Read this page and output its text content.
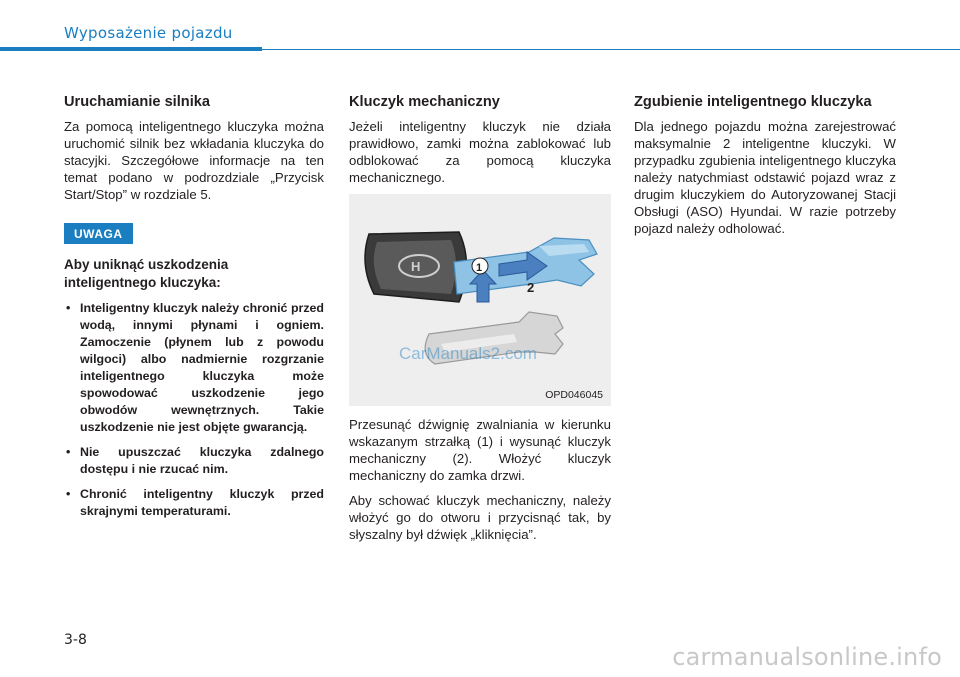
Wyposażenie pojazdu
Uruchamianie silnika

Za pomocą inteligentnego kluczyka można uruchomić silnik bez wkładania kluczyka do stacyjki. Szczegółowe informacje na ten temat podano w podrozdziale „Przycisk Start/Stop” w rozdziale 5.

UWAGA
Aby uniknąć uszkodzenia inteligentnego kluczyka:
• Inteligentny kluczyk należy chronić przed wodą, innymi płynami i ogniem. Zamoczenie (płynem lub z powodu wilgoci) albo nadmiernie rozgrzanie inteligentnego kluczyka może spowodować uszkodzenie jego obwodów wewnętrznych. Takie uszkodzenie nie jest objęte gwarancją.
• Nie upuszczać kluczyka zdalnego dostępu i nie rzucać nim.
• Chronić inteligentny kluczyk przed skrajnymi temperaturami.
Kluczyk mechaniczny

Jeżeli inteligentny kluczyk nie działa prawidłowo, zamki można zablokować lub odblokować za pomocą kluczyka mechanicznego.

H	1
2
CarManuals2.com
OPD046045

Przesunąć dźwignię zwalniania w kierunku wskazanym strzałką (1) i wysunąć kluczyk mechaniczny (2). Włożyć kluczyk mechaniczny do zamka drzwi.

Aby schować kluczyk mechaniczny, należy włożyć go do otworu i przycisnąć tak, by słyszalny był dźwięk „kliknięcia”.

Zgubienie inteligentnego kluczyka

Dla jednego pojazdu można zarejestrować maksymalnie 2 inteligentne kluczyki. W przypadku zgubienia inteligentnego kluczyka należy natychmiast odstawić pojazd wraz z drugim kluczykiem do Autoryzowanej Stacji Obsługi (ASO) Hyundai. W razie potrzeby pojazd należy odholować.

3-8
carmanualsonline.info
